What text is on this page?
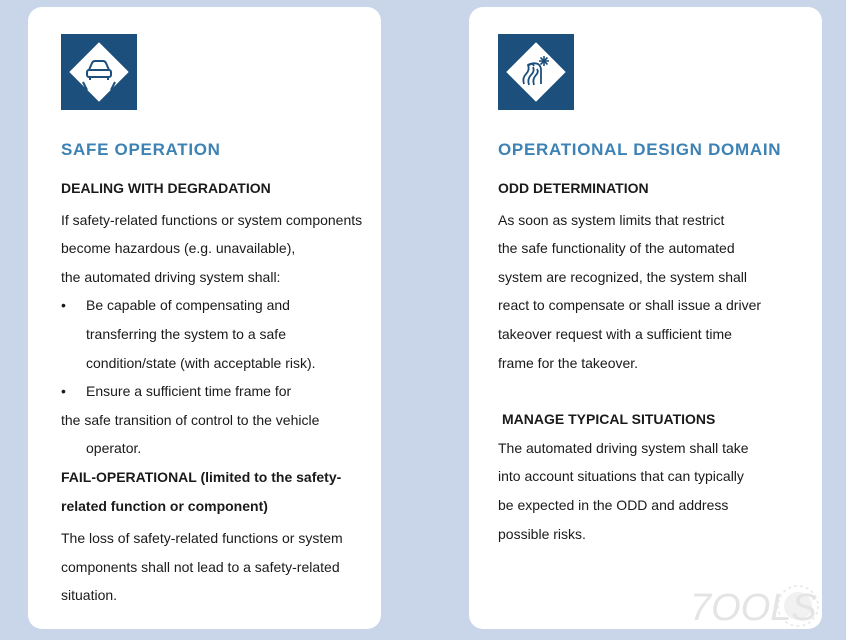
SAFE OPERATION
DEALING WITH DEGRADATION
If safety-related functions or system components
become hazardous (e.g. unavailable),
the automated driving system shall:
• Be capable of compensating and
transferring the system to a safe
condition/state (with acceptable risk).
•	Ensure a sufficient time frame for
the safe transition of control to the vehicle
operator.
FAIL-OPERATIONAL (limited to the safety-
related function or component)
The loss of safety-related functions or system
components shall not lead to a safety-related
situation.
OPERATIONAL DESIGN DOMAIN
ODD DETERMINATION
As soon as system limits that restrict
the safe functionality of the automated
system are recognized, the system shall
react to compensate or shall issue a driver
takeover request with a sufficient time
frame for the takeover.
MANAGE TYPICAL SITUATIONS
The automated driving system shall take
into account situations that can typically
be expected in the ODD and address
possible risks.
7OOLS
